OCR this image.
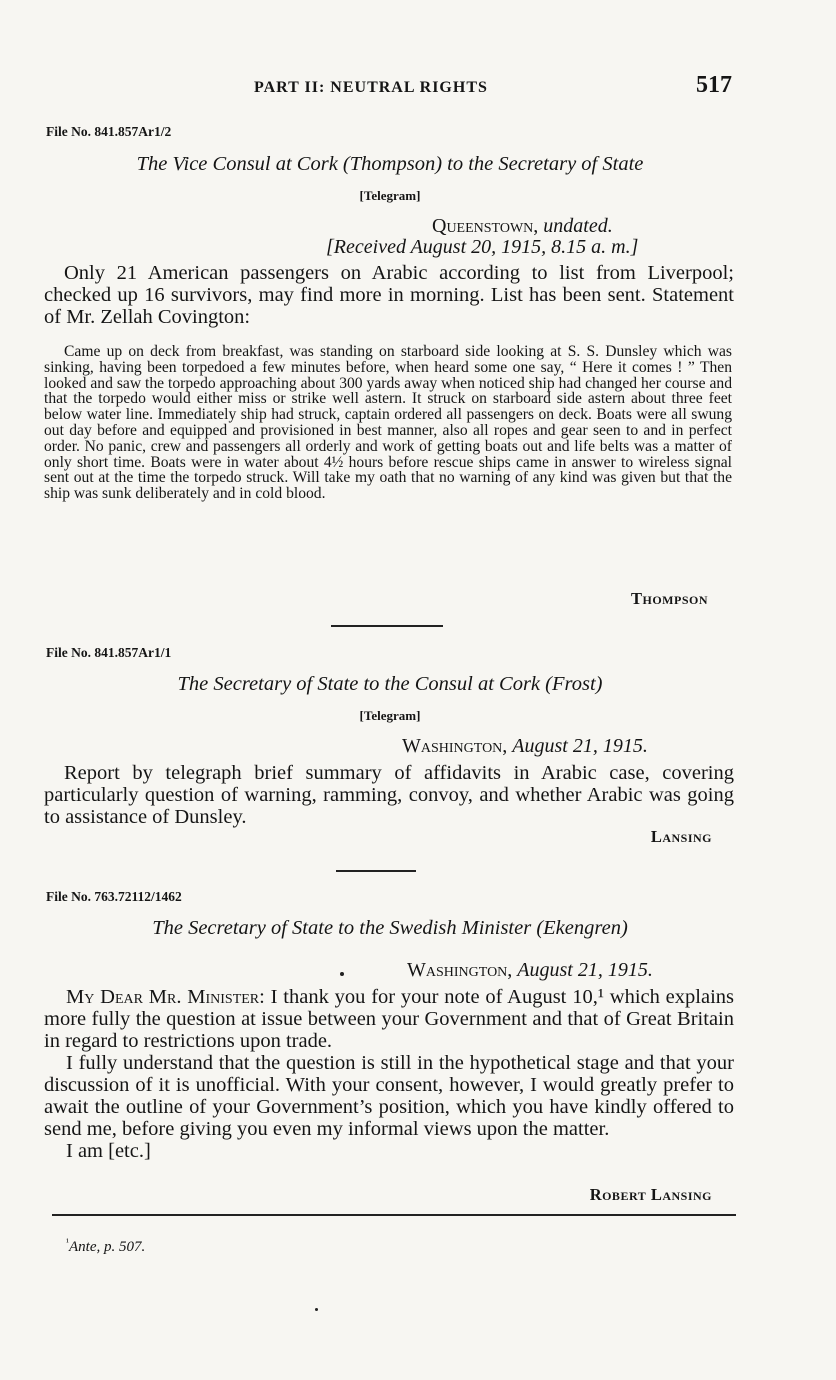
PART II: NEUTRAL RIGHTS	517
File No. 841.857Ar1/2
The Vice Consul at Cork (Thompson) to the Secretary of State
[Telegram]
Queenstown, undated.
[Received August 20, 1915, 8.15 a. m.]

Only 21 American passengers on Arabic according to list from Liverpool; checked up 16 survivors, may find more in morning. List has been sent. Statement of Mr. Zellah Covington:

Came up on deck from breakfast, was standing on starboard side looking at S. S. Dunsley which was sinking, having been torpedoed a few minutes before, when heard some one say, “ Here it comes ! ” Then looked and saw the torpedo approaching about 300 yards away when noticed ship had changed her course and that the torpedo would either miss or strike well astern. It struck on starboard side astern about three feet below water line. Immediately ship had struck, captain ordered all passengers on deck. Boats were all swung out day before and equipped and provisioned in best manner, also all ropes and gear seen to and in perfect order. No panic, crew and passengers all orderly and work of getting boats out and life belts was a matter of only short time. Boats were in water about 4½ hours before rescue ships came in answer to wireless signal sent out at the time the torpedo struck. Will take my oath that no warning of any kind was given but that the ship was sunk deliberately and in cold blood.

Thompson
File No. 841.857Ar1/1
The Secretary of State to the Consul at Cork (Frost)
[Telegram]
Washington, August 21, 1915.

Report by telegraph brief summary of affidavits in Arabic case, covering particularly question of warning, ramming, convoy, and whether Arabic was going to assistance of Dunsley.

Lansing
File No. 763.72112/1462
The Secretary of State to the Swedish Minister (Ekengren)
Washington, August 21, 1915.

My Dear Mr. Minister: I thank you for your note of August 10,¹ which explains more fully the question at issue between your Government and that of Great Britain in regard to restrictions upon trade.

I fully understand that the question is still in the hypothetical stage and that your discussion of it is unofficial. With your consent, however, I would greatly prefer to await the outline of your Government’s position, which you have kindly offered to send me, before giving you even my informal views upon the matter.

I am [etc.]

Robert Lansing
$^{^1}$Ante, p. 507.
